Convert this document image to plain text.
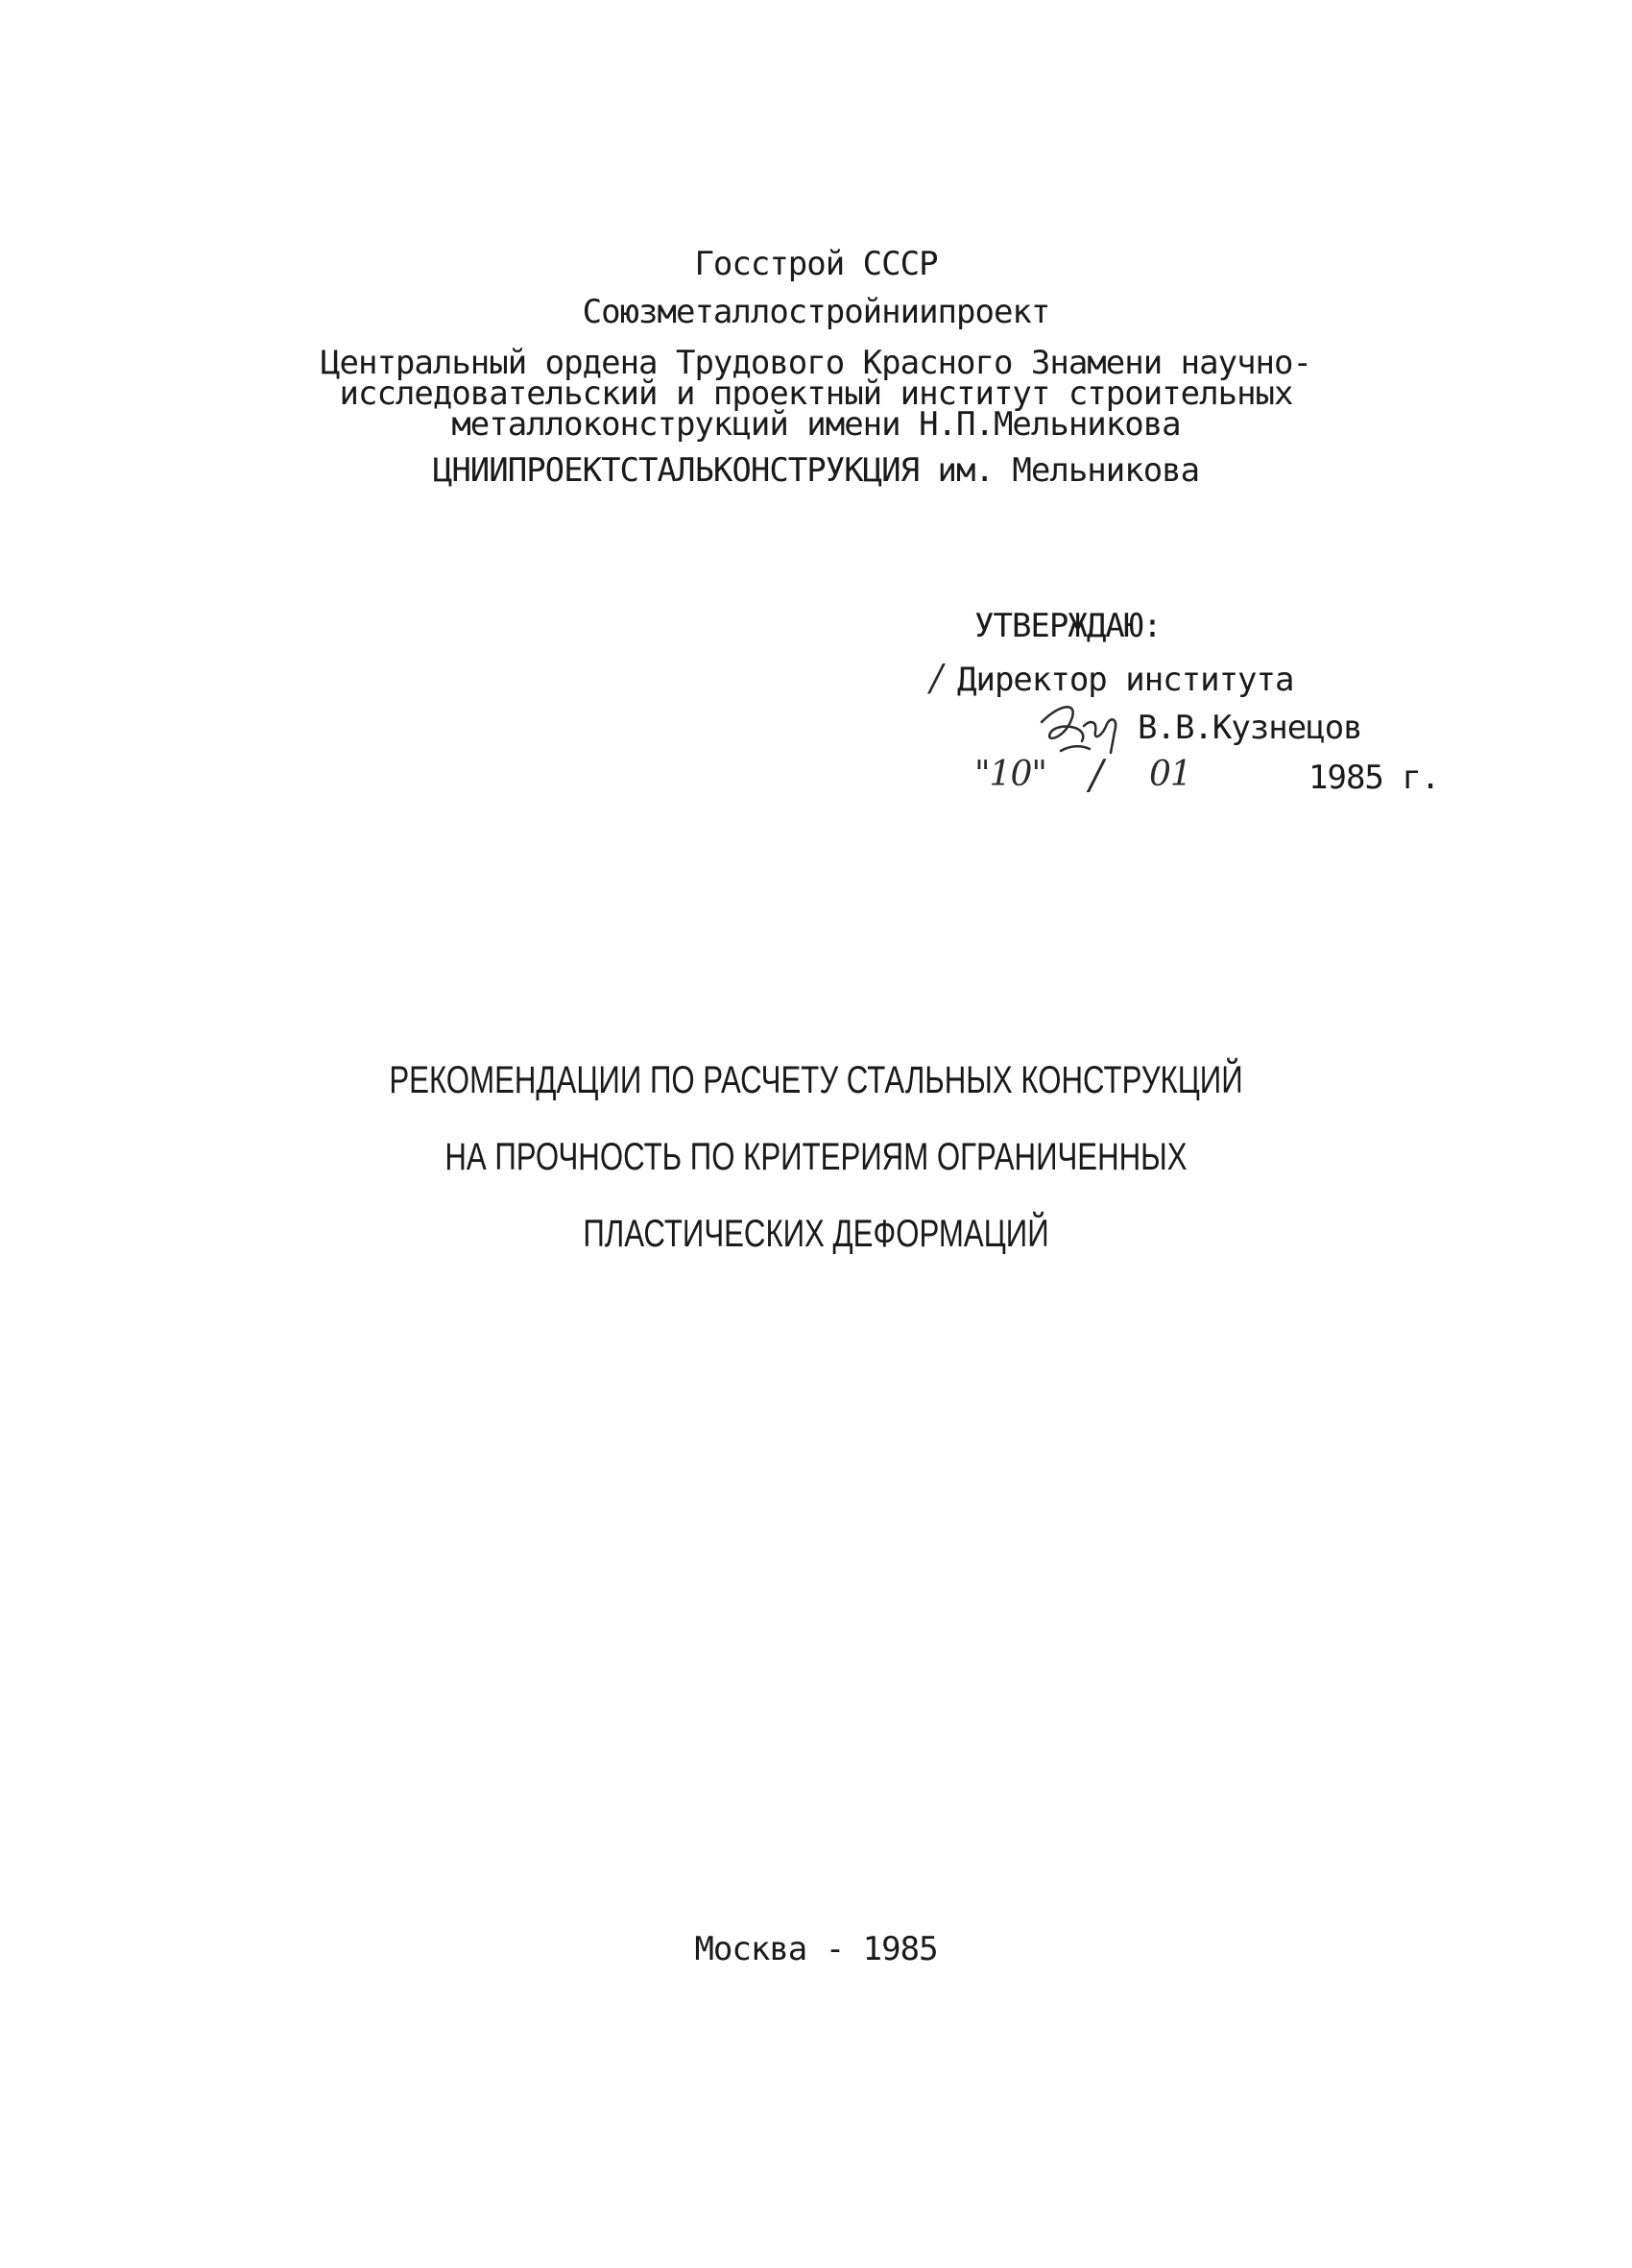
Госстрой СССР
Союзметаллостройниипроект
Центральный ордена Трудового Красного Знамени научно-
исследовательский и проектный институт строительных
металлоконструкций имени Н.П.Мельникова
ЦНИИПРОЕКТСТАЛЬКОНСТРУКЦИЯ им. Мельникова
УТВЕРЖДАЮ:
/ Директор института
В.В.Кузнецов
"10" / 01	1985 г.
РЕКОМЕНДАЦИИ ПО РАСЧЕТУ СТАЛЬНЫХ КОНСТРУКЦИЙ
НА ПРОЧНОСТЬ ПО КРИТЕРИЯМ ОГРАНИЧЕННЫХ
ПЛАСТИЧЕСКИХ ДЕФОРМАЦИЙ
Москва - 1985
